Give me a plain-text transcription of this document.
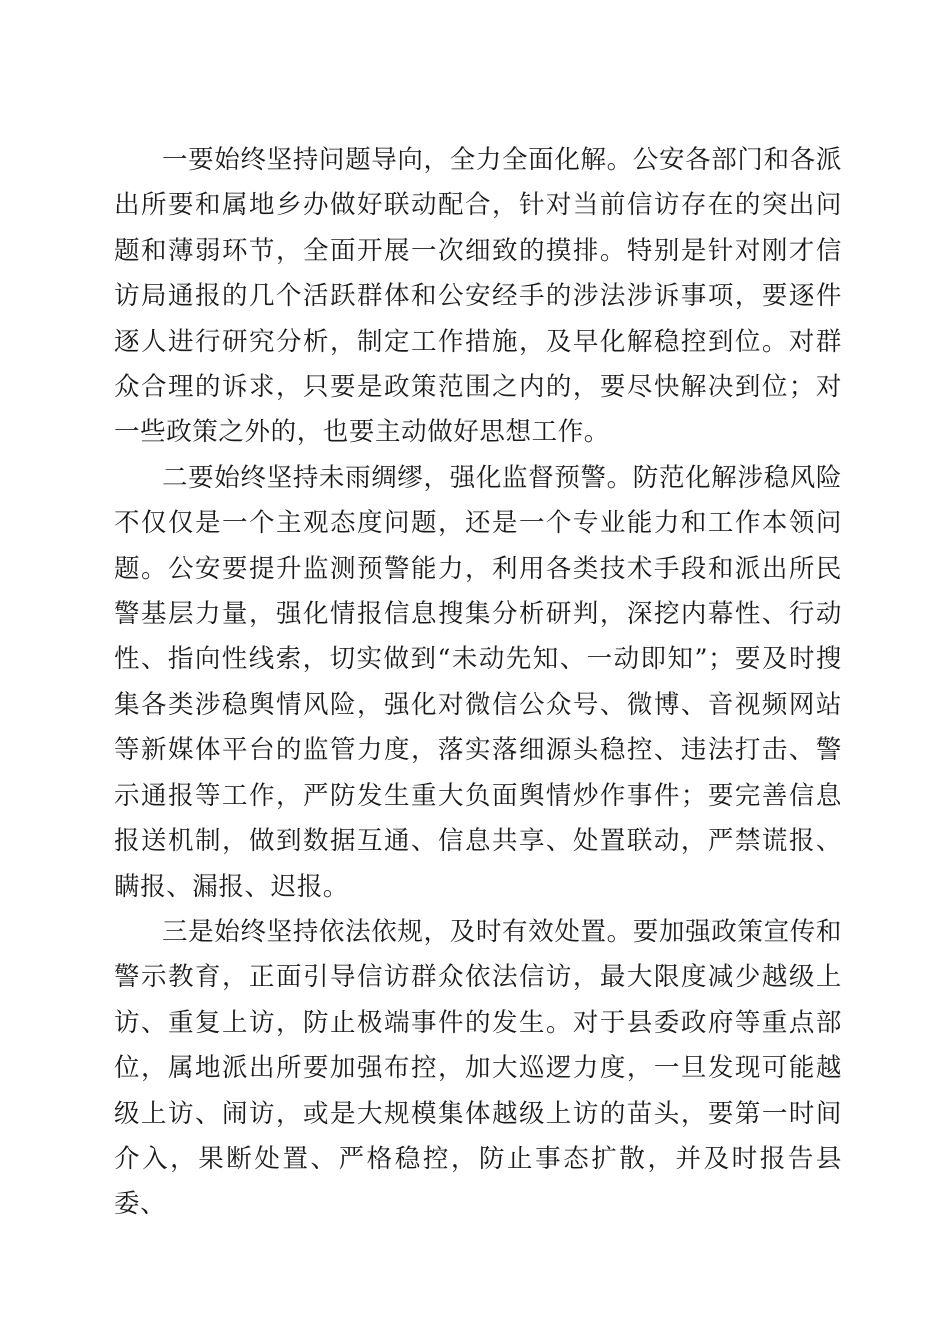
一要始终坚持问题导向，全力全面化解。公安各部门和各派出所要和属地乡办做好联动配合，针对当前信访存在的突出问题和薄弱环节，全面开展一次细致的摸排。特别是针对刚才信访局通报的几个活跃群体和公安经手的涉法涉诉事项，要逐件逐人进行研究分析，制定工作措施，及早化解稳控到位。对群众合理的诉求，只要是政策范围之内的，要尽快解决到位；对一些政策之外的，也要主动做好思想工作。

二要始终坚持未雨绸缪，强化监督预警。防范化解涉稳风险不仅仅是一个主观态度问题，还是一个专业能力和工作本领问题。公安要提升监测预警能力，利用各类技术手段和派出所民警基层力量，强化情报信息搜集分析研判，深挖内幕性、行动性、指向性线索，切实做到“未动先知、一动即知”；要及时搜集各类涉稳舆情风险，强化对微信公众号、微博、音视频网站等新媒体平台的监管力度，落实落细源头稳控、违法打击、警示通报等工作，严防发生重大负面舆情炒作事件；要完善信息报送机制，做到数据互通、信息共享、处置联动，严禁谎报、瞒报、漏报、迟报。

三是始终坚持依法依规，及时有效处置。要加强政策宣传和警示教育，正面引导信访群众依法信访，最大限度减少越级上访、重复上访，防止极端事件的发生。对于县委政府等重点部位，属地派出所要加强布控，加大巡逻力度，一旦发现可能越级上访、闹访，或是大规模集体越级上访的苗头，要第一时间介入，果断处置、严格稳控，防止事态扩散，并及时报告县委、
